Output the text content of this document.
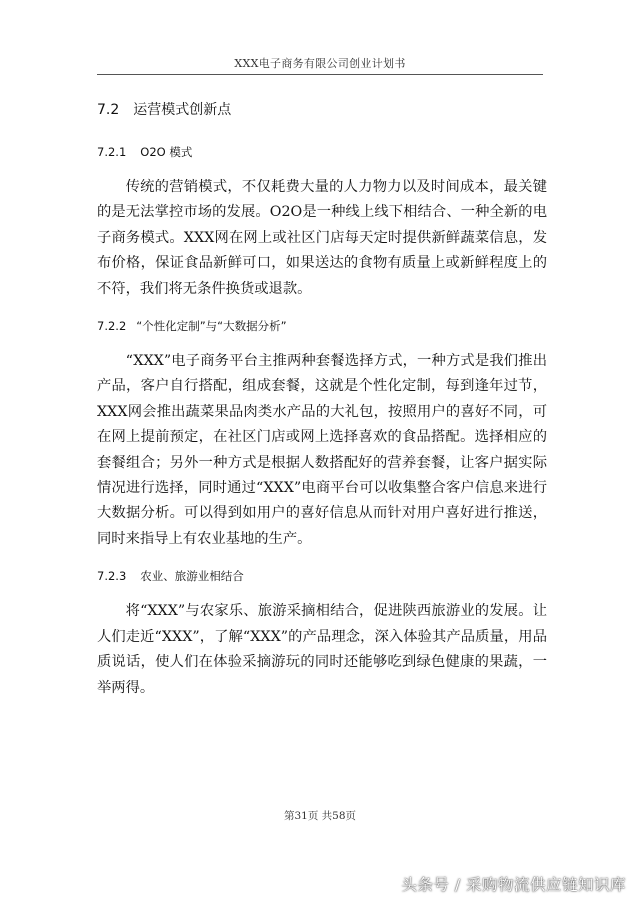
XXX电子商务有限公司创业计划书
7.2 运营模式创新点
7.2.1 O2O 模式

传统的营销模式，不仅耗费大量的人力物力以及时间成本，最关键的是无法掌控市场的发展。O2O是一种线上线下相结合、一种全新的电子商务模式。XXX网在网上或社区门店每天定时提供新鲜蔬菜信息，发布价格，保证食品新鲜可口，如果送达的食物有质量上或新鲜程度上的不符，我们将无条件换货或退款。

7.2.2 “个性化定制”与“大数据分析”

“XXX”电子商务平台主推两种套餐选择方式，一种方式是我们推出产品，客户自行搭配，组成套餐，这就是个性化定制，每到逢年过节，XXX网会推出蔬菜果品肉类水产品的大礼包，按照用户的喜好不同，可在网上提前预定，在社区门店或网上选择喜欢的食品搭配。选择相应的套餐组合；另外一种方式是根据人数搭配好的营养套餐，让客户据实际情况进行选择，同时通过“XXX”电商平台可以收集整合客户信息来进行大数据分析。可以得到如用户的喜好信息从而针对用户喜好进行推送，同时来指导上有农业基地的生产。

7.2.3 农业、旅游业相结合

将“XXX”与农家乐、旅游采摘相结合，促进陕西旅游业的发展。让人们走近“XXX”，了解“XXX”的产品理念，深入体验其产品质量，用品质说话，使人们在体验采摘游玩的同时还能够吃到绿色健康的果蔬，一举两得。

第31页 共58页
头条号 / 采购物流供应链知识库
